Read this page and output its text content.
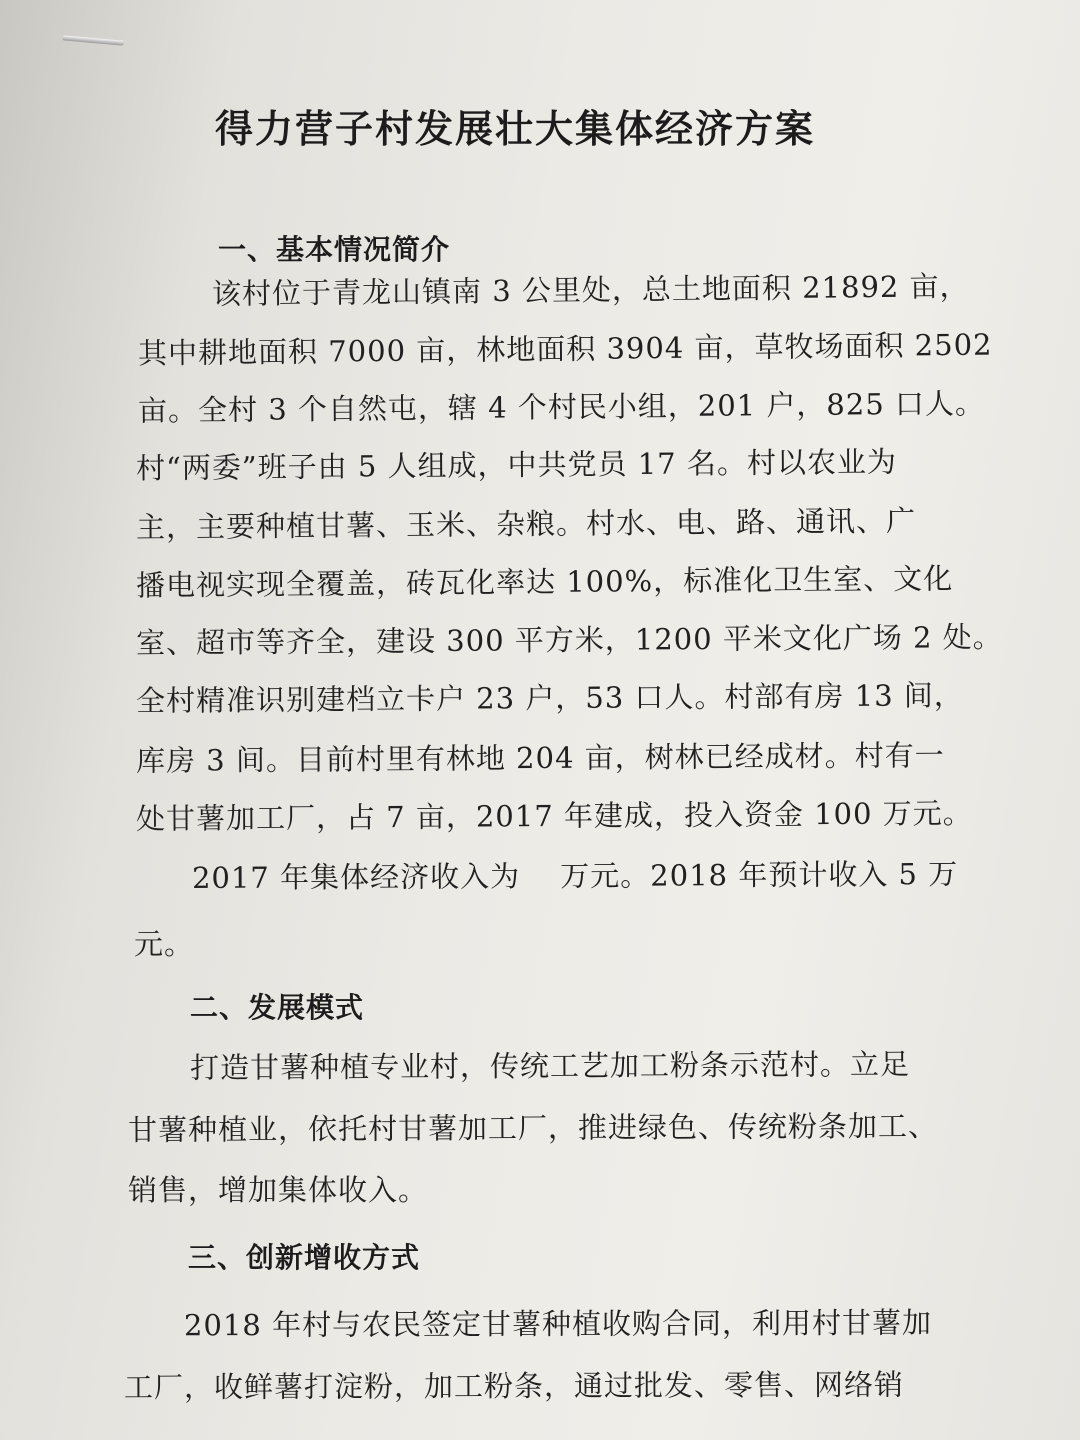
得力营子村发展壮大集体经济方案
一、基本情况简介
该村位于青龙山镇南 3 公里处，总土地面积 21892 亩，
其中耕地面积 7000 亩，林地面积 3904 亩，草牧场面积 2502
亩。全村 3 个自然屯，辖 4 个村民小组，201 户，825 口人。
村“两委”班子由 5 人组成，中共党员 17 名。村以农业为
主，主要种植甘薯、玉米、杂粮。村水、电、路、通讯、广
播电视实现全覆盖，砖瓦化率达 100%，标准化卫生室、文化
室、超市等齐全，建设 300 平方米，1200 平米文化广场 2 处。
全村精准识别建档立卡户 23 户，53 口人。村部有房 13 间，
库房 3 间。目前村里有林地 204 亩，树林已经成材。村有一
处甘薯加工厂，占 7 亩，2017 年建成，投入资金 100 万元。
2017 年集体经济收入为　 万元。2018 年预计收入 5 万
元。
二、发展模式
打造甘薯种植专业村，传统工艺加工粉条示范村。立足
甘薯种植业，依托村甘薯加工厂，推进绿色、传统粉条加工、
销售，增加集体收入。
三、创新增收方式
2018 年村与农民签定甘薯种植收购合同，利用村甘薯加
工厂，收鲜薯打淀粉，加工粉条，通过批发、零售、网络销
